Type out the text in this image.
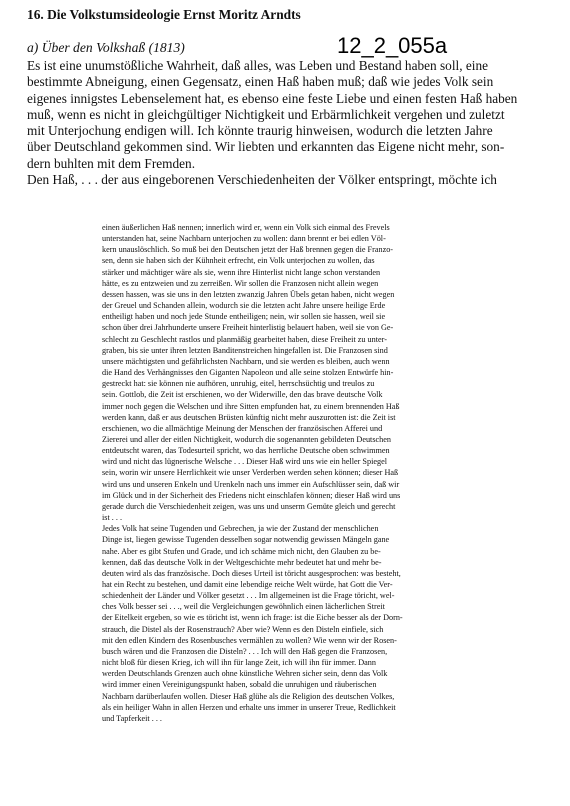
16. Die Volkstumsideologie Ernst Moritz Arndts
12_2_055a
a) Über den Volkshaß (1813)
Es ist eine unumstößliche Wahrheit, daß alles, was Leben und Bestand haben soll, eine
bestimmte Abneigung, einen Gegensatz, einen Haß haben muß; daß wie jedes Volk sein
eigenes innigstes Lebenselement hat, es ebenso eine feste Liebe und einen festen Haß haben
muß, wenn es nicht in gleichgültiger Nichtigkeit und Erbärmlichkeit vergehen und zuletzt
mit Unterjochung endigen will. Ich könnte traurig hinweisen, wodurch die letzten Jahre
über Deutschland gekommen sind. Wir liebten und erkannten das Eigene nicht mehr, son-
dern buhlten mit dem Fremden.
Den Haß, . . . der aus eingeborenen Verschiedenheiten der Völker entspringt, möchte ich
einen äußerlichen Haß nennen; innerlich wird er, wenn ein Volk sich einmal des Frevels
unterstanden hat, seine Nachbarn unterjochen zu wollen: dann brennt er bei edlen Völ-
kern unauslöschlich. So muß bei den Deutschen jetzt der Haß brennen gegen die Franzo-
sen, denn sie haben sich der Kühnheit erfrecht, ein Volk unterjochen zu wollen, das
stärker und mächtiger wäre als sie, wenn ihre Hinterlist nicht lange schon verstanden
hätte, es zu entzweien und zu zerreißen. Wir sollen die Franzosen nicht allein wegen
dessen hassen, was sie uns in den letzten zwanzig Jahren Übels getan haben, nicht wegen
der Greuel und Schanden allein, wodurch sie die letzten acht Jahre unsere heilige Erde
entheiligt haben und noch jede Stunde entheiligen; nein, wir sollen sie hassen, weil sie
schon über drei Jahrhunderte unsere Freiheit hinterlistig belauert haben, weil sie von Ge-
schlecht zu Geschlecht rastlos und planmäßig gearbeitet haben, diese Freiheit zu unter-
graben, bis sie unter ihren letzten Banditenstreichen hingefallen ist. Die Franzosen sind
unsere mächtigsten und gefährlichsten Nachbarn, und sie werden es bleiben, auch wenn
die Hand des Verhängnisses den Giganten Napoleon und alle seine stolzen Entwürfe hin-
gestreckt hat: sie können nie aufhören, unruhig, eitel, herrschsüchtig und treulos zu
sein. Gottlob, die Zeit ist erschienen, wo der Widerwille, den das brave deutsche Volk
immer noch gegen die Welschen und ihre Sitten empfunden hat, zu einem brennenden Haß
werden kann, daß er aus deutschen Brüsten künftig nicht mehr auszurotten ist: die Zeit ist
erschienen, wo die allmächtige Meinung der Menschen der französischen Afferei und
Ziererei und aller der eitlen Nichtigkeit, wodurch die sogenannten gebildeten Deutschen
entdeutscht waren, das Todesurteil spricht, wo das herrliche Deutsche oben schwimmen
wird und nicht das lügnerische Welsche . . . Dieser Haß wird uns wie ein heller Spiegel
sein, worin wir unsere Herrlichkeit wie unser Verderben werden sehen können; dieser Haß
wird uns und unseren Enkeln und Urenkeln nach uns immer ein Aufschlüsser sein, daß wir
im Glück und in der Sicherheit des Friedens nicht einschlafen können; dieser Haß wird uns
gerade durch die Verschiedenheit zeigen, was uns und unserm Gemüte gleich und gerecht
ist . . .
Jedes Volk hat seine Tugenden und Gebrechen, ja wie der Zustand der menschlichen
Dinge ist, liegen gewisse Tugenden desselben sogar notwendig gewissen Mängeln gane
nahe. Aber es gibt Stufen und Grade, und ich schäme mich nicht, den Glauben zu be-
kennen, daß das deutsche Volk in der Weltgeschichte mehr bedeutet hat und mehr be-
deuten wird als das französische. Doch dieses Urteil ist töricht ausgesprochen: was besteht,
hat ein Recht zu bestehen, und damit eine lebendige reiche Welt würde, hat Gott die Ver-
schiedenheit der Länder und Völker gesetzt . . . Im allgemeinen ist die Frage töricht, wel-
ches Volk besser sei . . ., weil die Vergleichungen gewöhnlich einen lächerlichen Streit
der Eitelkeit ergeben, so wie es töricht ist, wenn ich frage: ist die Eiche besser als der Dorn-
strauch, die Distel als der Rosenstrauch? Aber wie? Wenn es den Disteln einfiele, sich
mit den edlen Kindern des Rosenbusches vermählen zu wollen? Wie wenn wir der Rosen-
busch wären und die Franzosen die Disteln? . . . Ich will den Haß gegen die Franzosen,
nicht bloß für diesen Krieg, ich will ihn für lange Zeit, ich will ihn für immer. Dann
werden Deutschlands Grenzen auch ohne künstliche Wehren sicher sein, denn das Volk
wird immer einen Vereinigungspunkt haben, sobald die unruhigen und räuberischen
Nachbarn darüberlaufen wollen. Dieser Haß glühe als die Religion des deutschen Volkes,
als ein heiliger Wahn in allen Herzen und erhalte uns immer in unserer Treue, Redlichkeit
und Tapferkeit . . .
